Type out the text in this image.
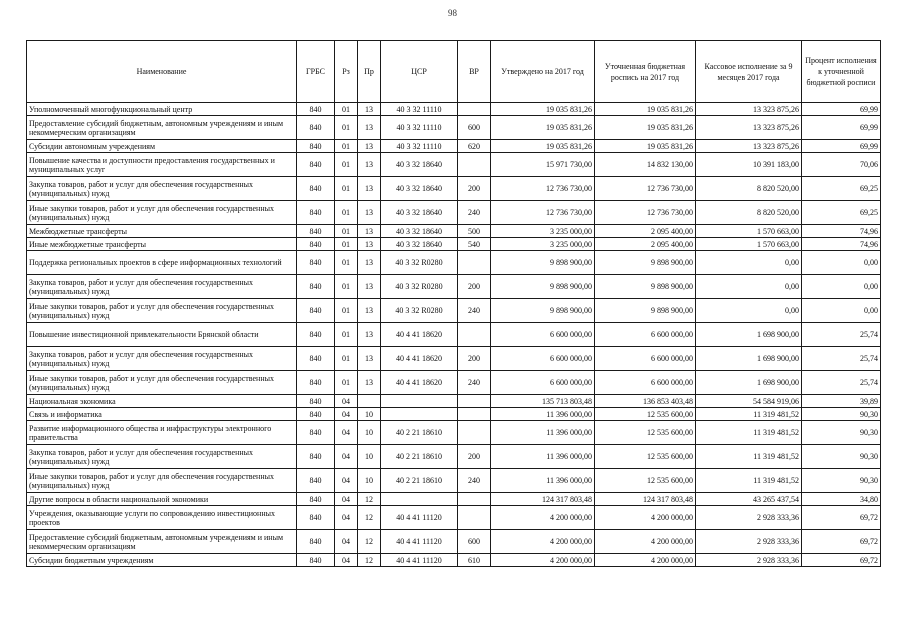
98
Наименование	ГРБС	Рз	Пр	ЦСР	ВР	Утверждено на 2017 год	Уточненная бюджетная роспись на 2017 год	Кассовое исполнение за 9 месяцев 2017 года	Процент исполнения к уточненной бюджетной росписи
Уполномоченный многофункциональный центр	840	01	13	40 3 32 11110		19 035 831,26	19 035 831,26	13 323 875,26	69,99
Предоставление субсидий бюджетным, автономным учреждениям и иным некоммерческим организациям	840	01	13	40 3 32 11110	600	19 035 831,26	19 035 831,26	13 323 875,26	69,99
Субсидии автономным учреждениям	840	01	13	40 3 32 11110	620	19 035 831,26	19 035 831,26	13 323 875,26	69,99
Повышение качества и доступности предоставления государственных и муниципальных услуг	840	01	13	40 3 32 18640		15 971 730,00	14 832 130,00	10 391 183,00	70,06
Закупка товаров, работ и услуг для обеспечения государственных (муниципальных) нужд	840	01	13	40 3 32 18640	200	12 736 730,00	12 736 730,00	8 820 520,00	69,25
Иные закупки товаров, работ и услуг для обеспечения государственных (муниципальных) нужд	840	01	13	40 3 32 18640	240	12 736 730,00	12 736 730,00	8 820 520,00	69,25
Межбюджетные трансферты	840	01	13	40 3 32 18640	500	3 235 000,00	2 095 400,00	1 570 663,00	74,96
Иные межбюджетные трансферты	840	01	13	40 3 32 18640	540	3 235 000,00	2 095 400,00	1 570 663,00	74,96
Поддержка региональных проектов в сфере информационных технологий	840	01	13	40 3 32 R0280		9 898 900,00	9 898 900,00	0,00	0,00
Закупка товаров, работ и услуг для обеспечения государственных (муниципальных) нужд	840	01	13	40 3 32 R0280	200	9 898 900,00	9 898 900,00	0,00	0,00
Иные закупки товаров, работ и услуг для обеспечения государственных (муниципальных) нужд	840	01	13	40 3 32 R0280	240	9 898 900,00	9 898 900,00	0,00	0,00
Повышение инвестиционной привлекательности Брянской области	840	01	13	40 4 41 18620		6 600 000,00	6 600 000,00	1 698 900,00	25,74
Закупка товаров, работ и услуг для обеспечения государственных (муниципальных) нужд	840	01	13	40 4 41 18620	200	6 600 000,00	6 600 000,00	1 698 900,00	25,74
Иные закупки товаров, работ и услуг для обеспечения государственных (муниципальных) нужд	840	01	13	40 4 41 18620	240	6 600 000,00	6 600 000,00	1 698 900,00	25,74
Национальная экономика	840	04				135 713 803,48	136 853 403,48	54 584 919,06	39,89
Связь и информатика	840	04	10			11 396 000,00	12 535 600,00	11 319 481,52	90,30
Развитие информационного общества и инфраструктуры электронного правительства	840	04	10	40 2 21 18610		11 396 000,00	12 535 600,00	11 319 481,52	90,30
Закупка товаров, работ и услуг для обеспечения государственных (муниципальных) нужд	840	04	10	40 2 21 18610	200	11 396 000,00	12 535 600,00	11 319 481,52	90,30
Иные закупки товаров, работ и услуг для обеспечения государственных (муниципальных) нужд	840	04	10	40 2 21 18610	240	11 396 000,00	12 535 600,00	11 319 481,52	90,30
Другие вопросы в области национальной экономики	840	04	12			124 317 803,48	124 317 803,48	43 265 437,54	34,80
Учреждения, оказывающие услуги по сопровождению инвестиционных проектов	840	04	12	40 4 41 11120		4 200 000,00	4 200 000,00	2 928 333,36	69,72
Предоставление субсидий бюджетным, автономным учреждениям и иным некоммерческим организациям	840	04	12	40 4 41 11120	600	4 200 000,00	4 200 000,00	2 928 333,36	69,72
Субсидии бюджетным учреждениям	840	04	12	40 4 41 11120	610	4 200 000,00	4 200 000,00	2 928 333,36	69,72
